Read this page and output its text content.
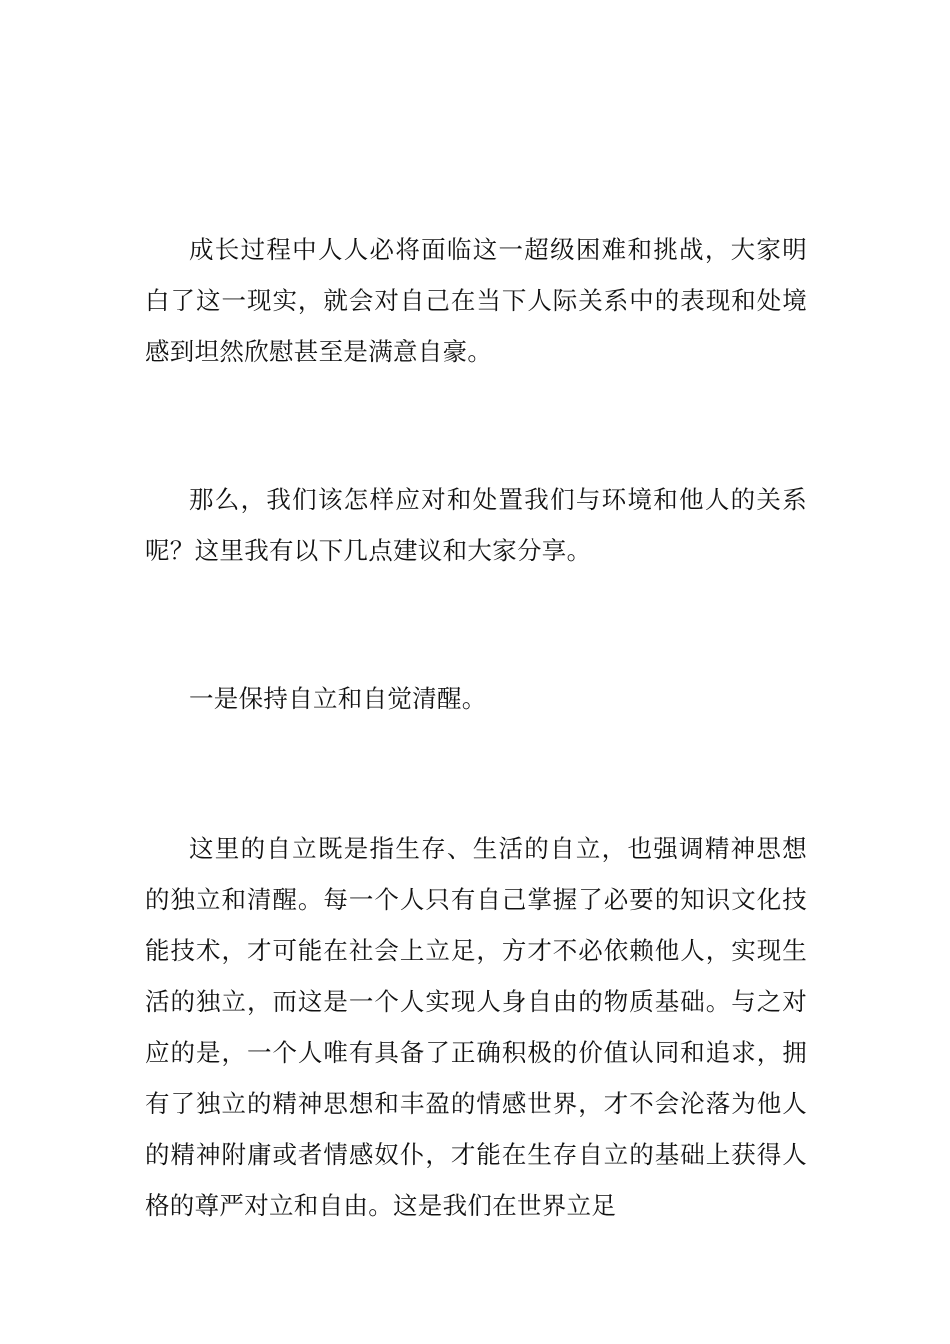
成长过程中人人必将面临这一超级困难和挑战，大家明白了这一现实，就会对自己在当下人际关系中的表现和处境感到坦然欣慰甚至是满意自豪。

那么，我们该怎样应对和处置我们与环境和他人的关系呢？这里我有以下几点建议和大家分享。

一是保持自立和自觉清醒。

这里的自立既是指生存、生活的自立，也强调精神思想的独立和清醒。每一个人只有自己掌握了必要的知识文化技能技术，才可能在社会上立足，方才不必依赖他人，实现生活的独立，而这是一个人实现人身自由的物质基础。与之对应的是，一个人唯有具备了正确积极的价值认同和追求，拥有了独立的精神思想和丰盈的情感世界，才不会沦落为他人的精神附庸或者情感奴仆，才能在生存自立的基础上获得人格的尊严对立和自由。这是我们在世界立足
